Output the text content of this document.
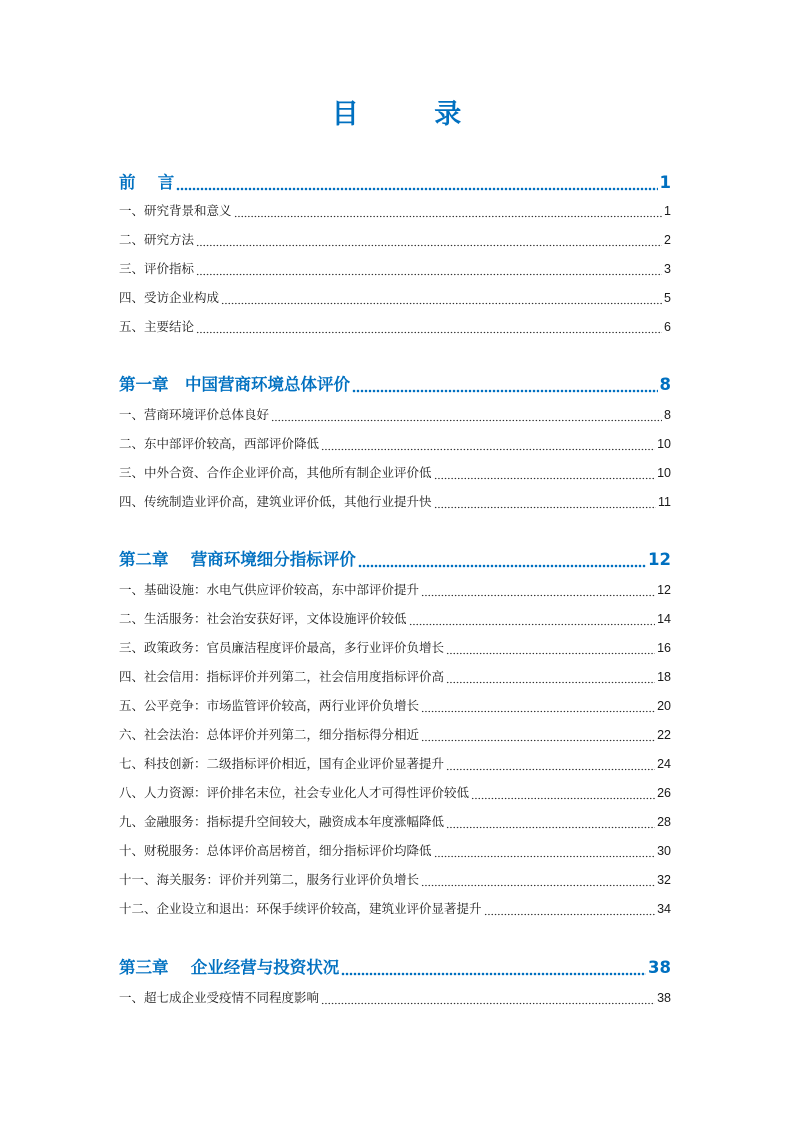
目　录
前　 言	1
一、研究背景和意义	1
二、研究方法	2
三、评价指标	3
四、受访企业构成	5
五、主要结论	6
第一章　中国营商环境总体评价	8
一、营商环境评价总体良好	8
二、东中部评价较高，西部评价降低	10
三、中外合资、合作企业评价高，其他所有制企业评价低	10
四、传统制造业评价高，建筑业评价低，其他行业提升快	11
第二章　 营商环境细分指标评价	12
一、基础设施：水电气供应评价较高，东中部评价提升	12
二、生活服务：社会治安获好评，文体设施评价较低	14
三、政策政务：官员廉洁程度评价最高，多行业评价负增长	16
四、社会信用：指标评价并列第二，社会信用度指标评价高	18
五、公平竞争：市场监管评价较高，两行业评价负增长	20
六、社会法治：总体评价并列第二，细分指标得分相近	22
七、科技创新：二级指标评价相近，国有企业评价显著提升	24
八、人力资源：评价排名末位，社会专业化人才可得性评价较低	26
九、金融服务：指标提升空间较大，融资成本年度涨幅降低	28
十、财税服务：总体评价高居榜首，细分指标评价均降低	30
十一、海关服务：评价并列第二，服务行业评价负增长	32
十二、企业设立和退出：环保手续评价较高，建筑业评价显著提升	34
第三章　 企业经营与投资状况	38
一、超七成企业受疫情不同程度影响	38
